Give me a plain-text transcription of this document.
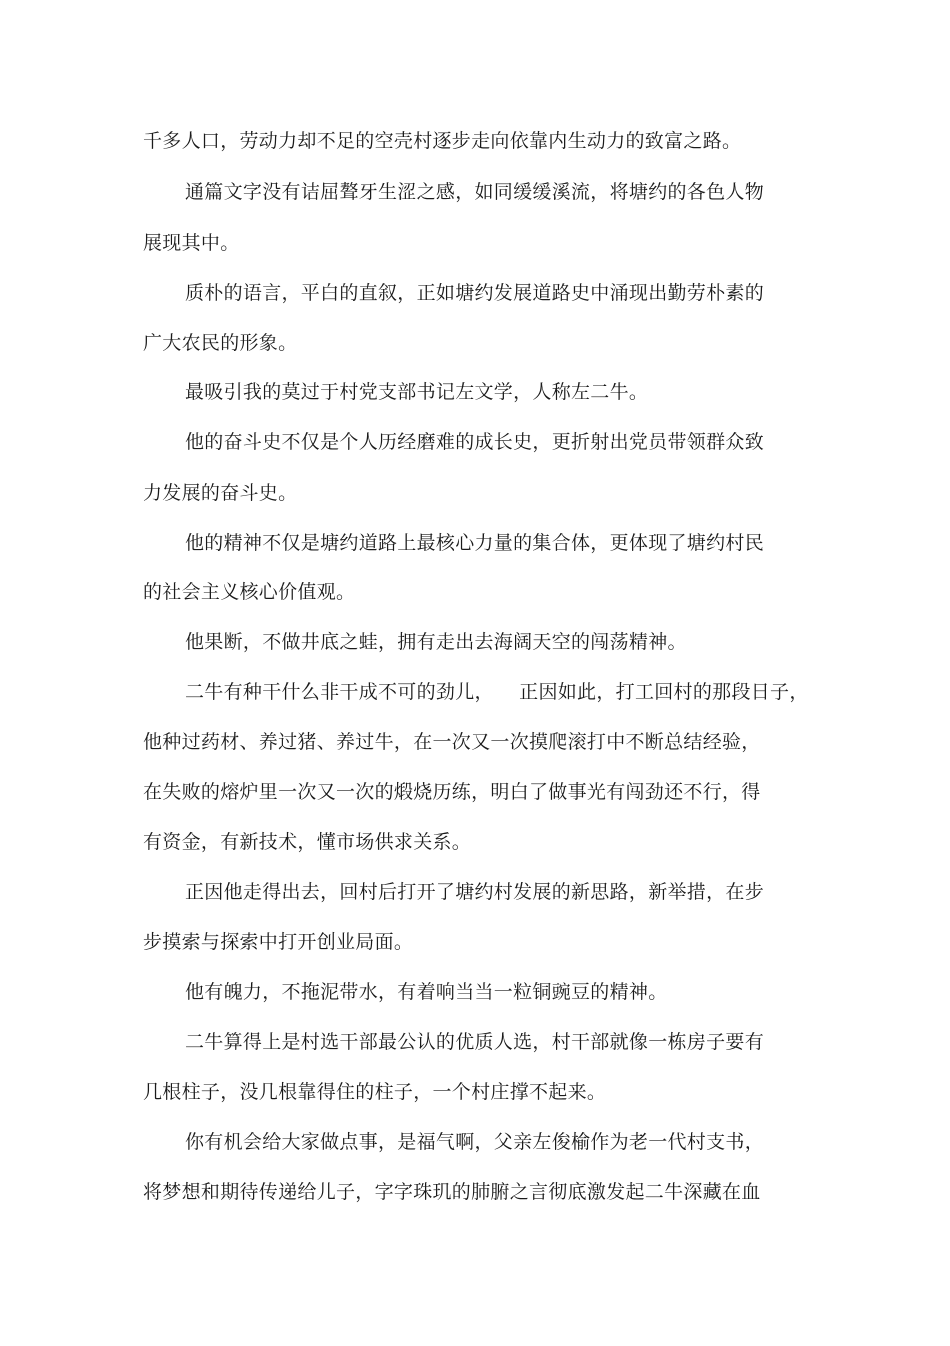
千多人口，劳动力却不足的空壳村逐步走向依靠内生动力的致富之路。
通篇文字没有诘屈聱牙生涩之感，如同缓缓溪流，将塘约的各色人物
展现其中。
质朴的语言，平白的直叙，正如塘约发展道路史中涌现出勤劳朴素的
广大农民的形象。
最吸引我的莫过于村党支部书记左文学，人称左二牛。
他的奋斗史不仅是个人历经磨难的成长史，更折射出党员带领群众致
力发展的奋斗史。
他的精神不仅是塘约道路上最核心力量的集合体，更体现了塘约村民
的社会主义核心价值观。
他果断，不做井底之蛙，拥有走出去海阔天空的闯荡精神。
二牛有种干什么非干成不可的劲儿，    正因如此，打工回村的那段日子，
他种过药材、养过猪、养过牛，在一次又一次摸爬滚打中不断总结经验，
在失败的熔炉里一次又一次的煅烧历练，明白了做事光有闯劲还不行，得
有资金，有新技术，懂市场供求关系。
正因他走得出去，回村后打开了塘约村发展的新思路，新举措，在步
步摸索与探索中打开创业局面。
他有魄力，不拖泥带水，有着响当当一粒铜豌豆的精神。
二牛算得上是村选干部最公认的优质人选，村干部就像一栋房子要有
几根柱子，没几根靠得住的柱子，一个村庄撑不起来。
你有机会给大家做点事，是福气啊，父亲左俊榆作为老一代村支书，
将梦想和期待传递给儿子，字字珠玑的肺腑之言彻底激发起二牛深藏在血
